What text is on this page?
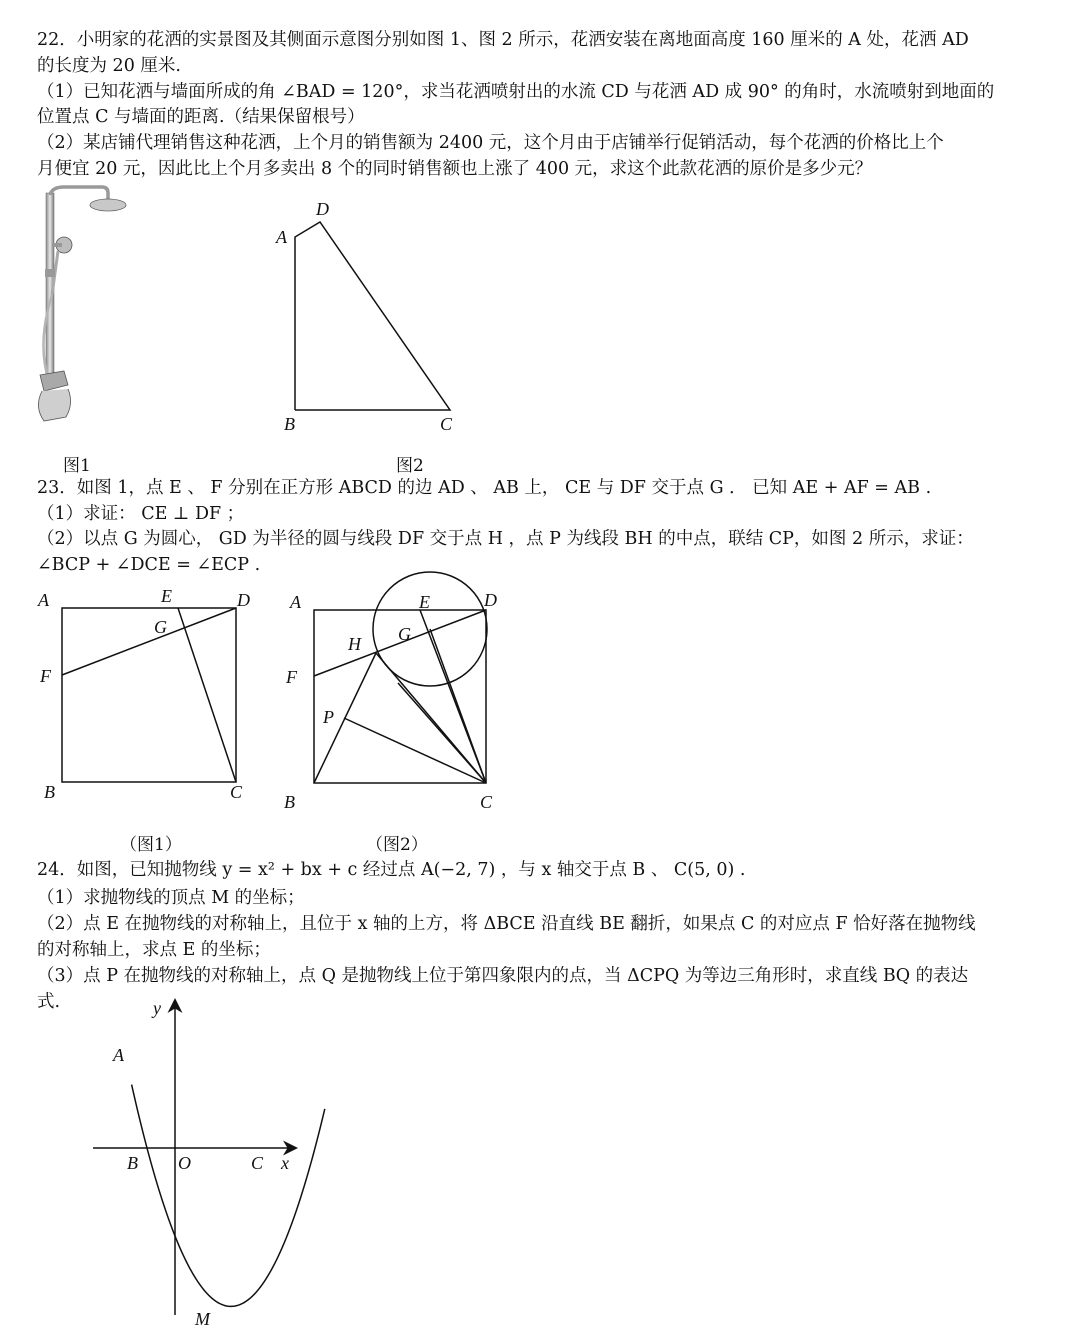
22．小明家的花洒的实景图及其侧面示意图分别如图 1、图 2 所示，花洒安装在离地面高度 160 厘米的 A 处，花洒 AD
的长度为 20 厘米.
（1）已知花洒与墙面所成的角 ∠BAD = 120°，求当花洒喷射出的水流 CD 与花洒 AD 成 90° 的角时，水流喷射到地面的
位置点 C 与墙面的距离.（结果保留根号）
（2）某店铺代理销售这种花洒，上个月的销售额为 2400 元，这个月由于店铺举行促销活动，每个花洒的价格比上个
月便宜 20 元，因此比上个月多卖出 8 个的同时销售额也上涨了 400 元，求这个此款花洒的原价是多少元？
A
D
B	C
图1	图2
23．如图 1，点 E 、 F 分别在正方形 ABCD 的边 AD 、 AB 上， CE 与 DF 交于点 G ． 已知 AE + AF = AB .
（1）求证： CE ⊥ DF ；
（2）以点 G 为圆心， GD 为半径的圆与线段 DF 交于点 H ，点 P 为线段 BH 的中点，联结 CP，如图 2 所示，求证：
∠BCP + ∠DCE = ∠ECP .
A	E	D
G
F
B	C
A	E	D
H G
F
P
B	C
（图1）	（图2）
24．如图，已知抛物线 y = x² + bx + c 经过点 A(−2, 7) ，与 x 轴交于点 B 、 C(5, 0) .
（1）求抛物线的顶点 M 的坐标；
（2）点 E 在抛物线的对称轴上，且位于 x 轴的上方，将 ΔBCE 沿直线 BE 翻折，如果点 C 的对应点 F 恰好落在抛物线
的对称轴上，求点 E 的坐标；
（3）点 P 在抛物线的对称轴上，点 Q 是抛物线上位于第四象限内的点，当 ΔCPQ 为等边三角形时，求直线 BQ 的表达
式.	y
A
B O	C x
M
